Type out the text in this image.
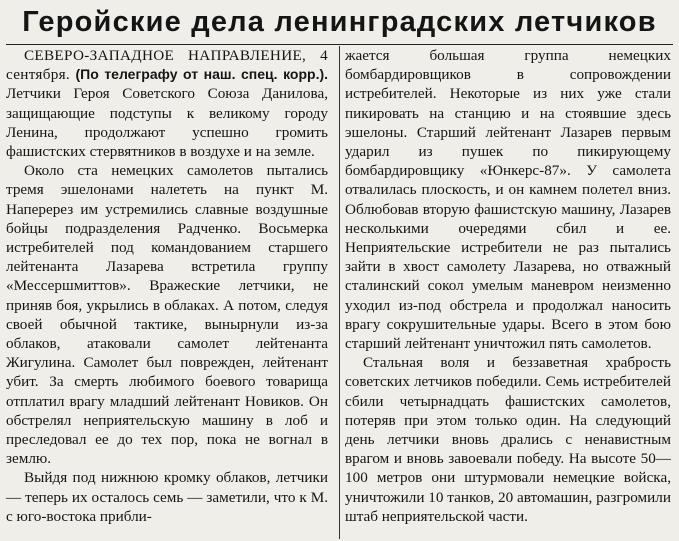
Геройские дела ленинградских летчиков

СЕВЕРО-ЗАПАДНОЕ НАПРАВЛЕНИЕ, 4 сентября. (По телеграфу от наш. спец. корр.). Летчики Героя Советского Союза Данилова, защищающие подступы к великому городу Ленина, продолжают успешно громить фашистских стервятников в воздухе и на земле.

Около ста немецких самолетов пытались тремя эшелонами налететь на пункт М. Наперерез им устремились славные воздушные бойцы подразделения Радченко. Восьмерка истребителей под командованием старшего лейтенанта Лазарева встретила группу «Мессершмиттов». Вражеские летчики, не приняв боя, укрылись в облаках. А потом, следуя своей обычной тактике, вынырнули из-за облаков, атаковали самолет лейтенанта Жигулина. Самолет был поврежден, лейтенант убит. За смерть любимого боевого товарища отплатил врагу младший лейтенант Новиков. Он обстрелял неприятельскую машину в лоб и преследовал ее до тех пор, пока не вогнал в землю.

Выйдя под нижнюю кромку облаков, летчики — теперь их осталось семь — заметили, что к М. с юго-востока прибли-

жается большая группа немецких бомбардировщиков в сопровождении истребителей. Некоторые из них уже стали пикировать на станцию и на стоявшие здесь эшелоны. Старший лейтенант Лазарев первым ударил из пушек по пикирующему бомбардировщику «Юнкерс-87». У самолета отвалилась плоскость, и он камнем полетел вниз. Облюбовав вторую фашистскую машину, Лазарев несколькими очередями сбил и ее. Неприятельские истребители не раз пытались зайти в хвост самолету Лазарева, но отважный сталинский сокол умелым маневром неизменно уходил из-под обстрела и продолжал наносить врагу сокрушительные удары. Всего в этом бою старший лейтенант уничтожил пять самолетов.

Стальная воля и беззаветная храбрость советских летчиков победили. Семь истребителей сбили четырнадцать фашистских самолетов, потеряв при этом только один. На следующий день летчики вновь дрались с ненавистным врагом и вновь завоевали победу. На высоте 50—100 метров они штурмовали немецкие войска, уничтожили 10 танков, 20 автомашин, разгромили штаб неприятельской части.
